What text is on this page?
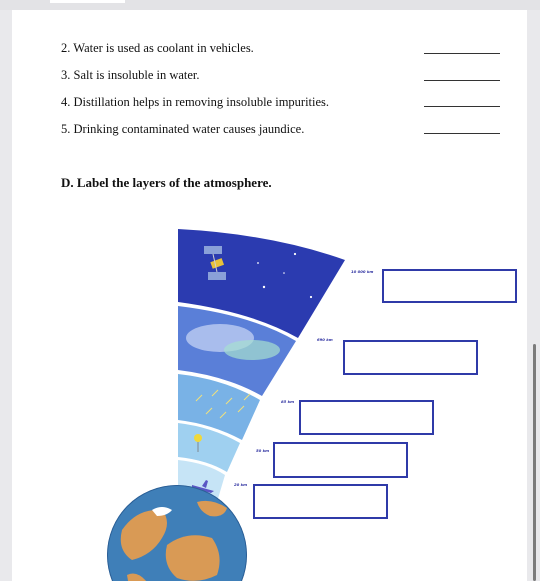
2. Water is used as coolant in vehicles.
3. Salt is insoluble in water.
4. Distillation helps in removing insoluble impurities.
5. Drinking contaminated water causes jaundice.
D. Label the layers of the atmosphere.
10 000 km
690 km
85 km
50 km
20 km
